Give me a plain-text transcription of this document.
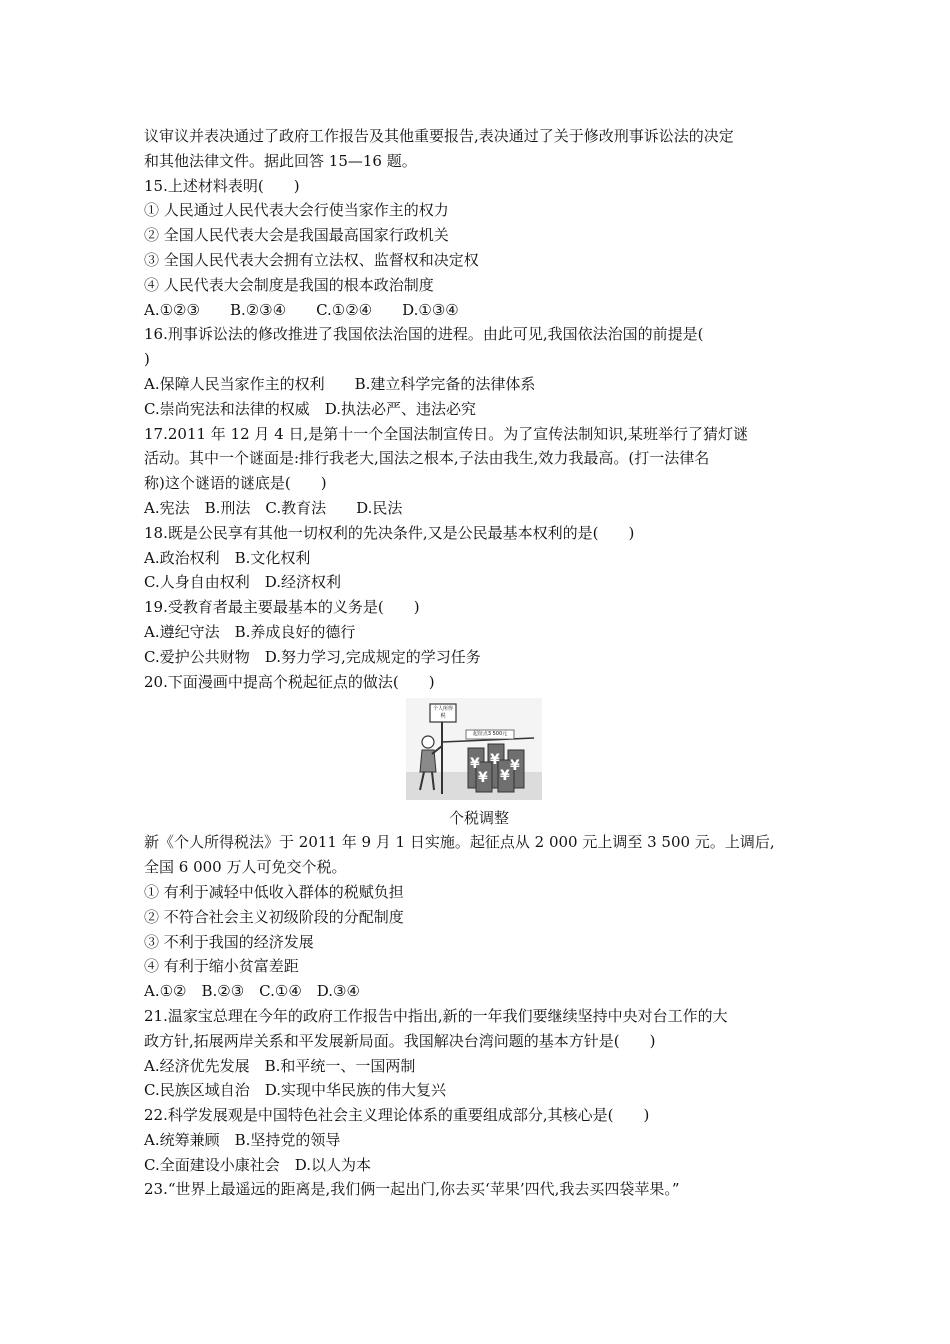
议审议并表决通过了政府工作报告及其他重要报告,表决通过了关于修改刑事诉讼法的决定
和其他法律文件。据此回答 15—16 题。
15.上述材料表明(　　)
① 人民通过人民代表大会行使当家作主的权力
② 全国人民代表大会是我国最高国家行政机关
③ 全国人民代表大会拥有立法权、监督权和决定权
④ 人民代表大会制度是我国的根本政治制度
A.①②③　　B.②③④　　C.①②④　　D.①③④
16.刑事诉讼法的修改推进了我国依法治国的进程。由此可见,我国依法治国的前提是(
)
A.保障人民当家作主的权利　　B.建立科学完备的法律体系
C.崇尚宪法和法律的权威　D.执法必严、违法必究
17.2011 年 12 月 4 日,是第十一个全国法制宣传日。为了宣传法制知识,某班举行了猜灯谜
活动。其中一个谜面是:排行我老大,国法之根本,子法由我生,效力我最高。(打一法律名
称)这个谜语的谜底是(　　)
A.宪法　B.刑法　C.教育法　　D.民法
18.既是公民享有其他一切权利的先决条件,又是公民最基本权利的是(　　)
A.政治权利　B.文化权利
C.人身自由权利　D.经济权利
19.受教育者最主要最基本的义务是(　　)
A.遵纪守法　B.养成良好的德行
C.爱护公共财物　D.努力学习,完成规定的学习任务
20.下面漫画中提高个税起征点的做法(　　)
¥ ¥ ¥
¥ ¥
个人所得税
起征点3 500元
个税调整
新《个人所得税法》于 2011 年 9 月 1 日实施。起征点从 2 000 元上调至 3 500 元。上调后,
全国 6 000 万人可免交个税。
① 有利于减轻中低收入群体的税赋负担
② 不符合社会主义初级阶段的分配制度
③ 不利于我国的经济发展
④ 有利于缩小贫富差距
A.①②　B.②③　C.①④　D.③④
21.温家宝总理在今年的政府工作报告中指出,新的一年我们要继续坚持中央对台工作的大
政方针,拓展两岸关系和平发展新局面。我国解决台湾问题的基本方针是(　　)
A.经济优先发展　B.和平统一、一国两制
C.民族区域自治　D.实现中华民族的伟大复兴
22.科学发展观是中国特色社会主义理论体系的重要组成部分,其核心是(　　)
A.统筹兼顾　B.坚持党的领导
C.全面建设小康社会　D.以人为本
23.“世界上最遥远的距离是,我们俩一起出门,你去买‘苹果’四代,我去买四袋苹果。”
